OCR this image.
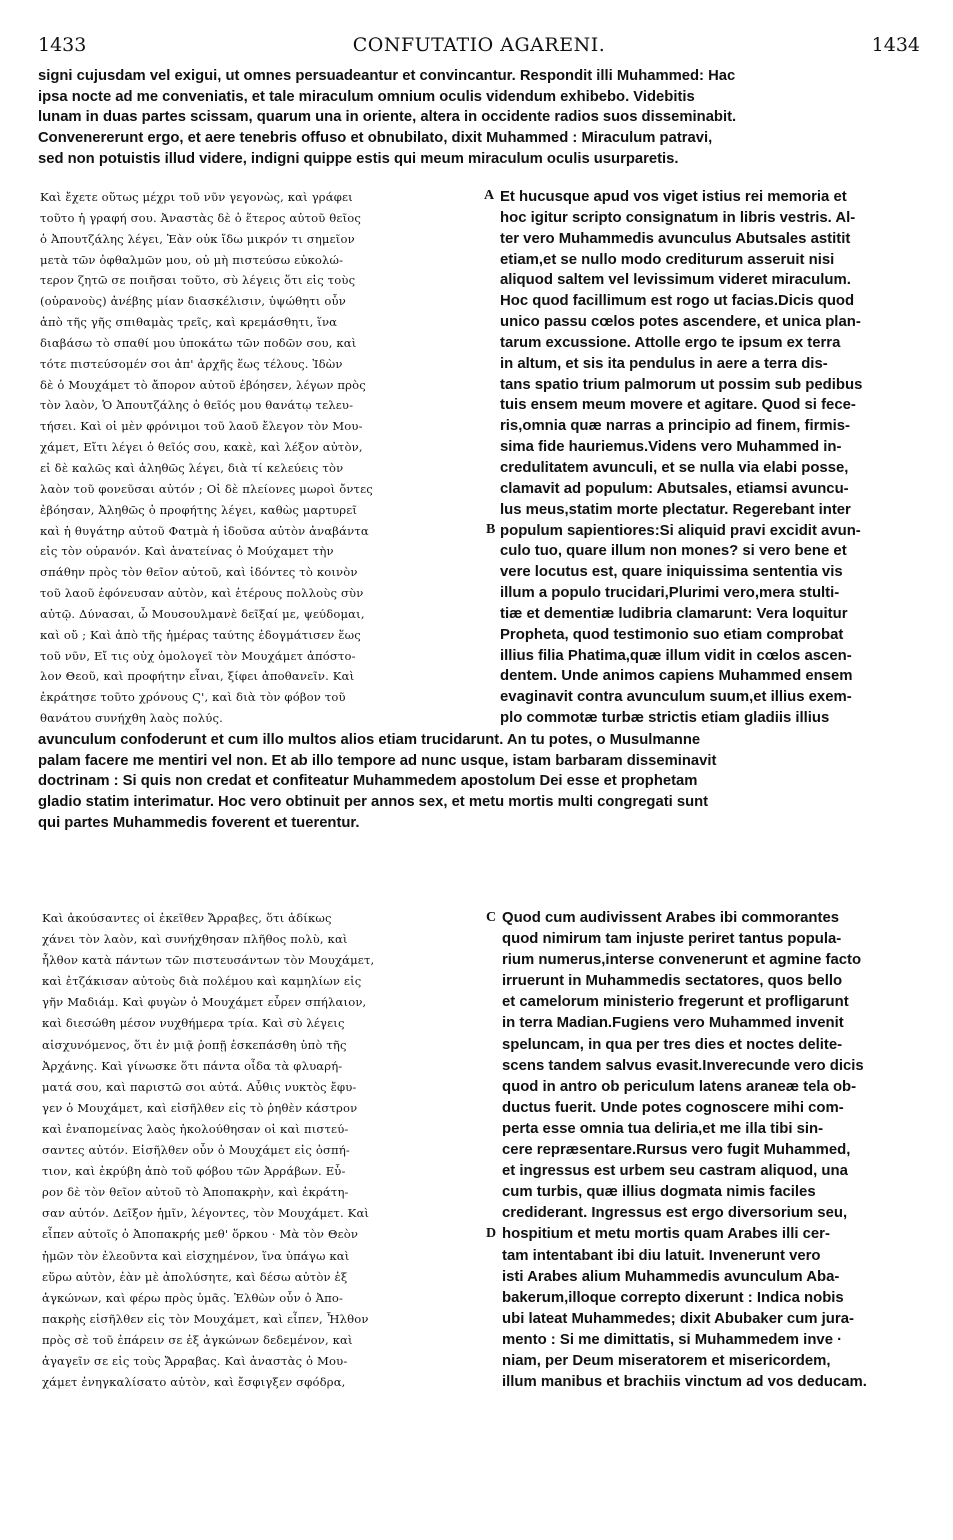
1433	CONFUTATIO AGARENI.	1434
signi cujusdam vel exigui, ut omnes persuadeantur et convincantur. Respondit illi Muhammed: Hac
ipsa nocte ad me conveniatis, et tale miraculum omnium oculis videndum exhibebo. Videbitis
lunam in duas partes scissam, quarum una in oriente, altera in occidente radios suos disseminabit.
Convenererunt ergo, et aere tenebris offuso et obnubilato, dixit Muhammed : Miraculum patravi,
sed non potuistis illud videre, indigni quippe estis qui meum miraculum oculis usurparetis.
Καὶ ἔχετε οὕτως μέχρι τοῦ νῦν γεγονὼς, καὶ γράφει
τοῦτο ἡ γραφή σου. Ἀναστὰς δὲ ὁ ἕτερος αὐτοῦ θεῖος
ὁ Ἀπουτζάλης λέγει, Ἐὰν οὐκ ἴδω μικρόν τι σημεῖον
μετὰ τῶν ὀφθαλμῶν μου, οὐ μὴ πιστεύσω εὐκολώ-
τερον ζητῶ σε ποιῆσαι τοῦτο, σὺ λέγεις ὅτι εἰς τοὺς
(οὐρανοὺς) ἀνέβης μίαν διασκέλισιν, ὑψώθητι οὖν
ἀπὸ τῆς γῆς σπιθαμὰς τρεῖς, καὶ κρεμάσθητι, ἵνα
διαβάσω τὸ σπαθί μου ὑποκάτω τῶν ποδῶν σου, καὶ
τότε πιστεύσομέν σοι ἀπ' ἀρχῆς ἕως τέλους. Ἰδὼν
δὲ ὁ Μουχάμετ τὸ ἄπορον αὐτοῦ ἐβόησεν, λέγων πρὸς
τὸν λαὸν, Ὁ Ἀπουτζάλης ὁ θεῖός μου θανάτῳ τελευ-
τήσει. Καὶ οἱ μὲν φρόνιμοι τοῦ λαοῦ ἔλεγον τὸν Μου-
χάμετ, Εἴτι λέγει ὁ θεῖός σου, κακὲ, καὶ λέξον αὐτὸν,
εἰ δὲ καλῶς καὶ ἀληθῶς λέγει, διὰ τί κελεύεις τὸν
λαὸν τοῦ φονεῦσαι αὐτόν ; Οἱ δὲ πλείονες μωροὶ ὄντες
ἐβόησαν, Ἀληθῶς ὁ προφήτης λέγει, καθὼς μαρτυρεῖ
καὶ ἡ θυγάτηρ αὐτοῦ Φατμὰ ἡ ἰδοῦσα αὐτὸν ἀναβάντα
εἰς τὸν οὐρανόν. Καὶ ἀνατείνας ὁ Μούχαμετ τὴν
σπάθην πρὸς τὸν θεῖον αὐτοῦ, καὶ ἰδόντες τὸ κοινὸν
τοῦ λαοῦ ἐφόνευσαν αὐτὸν, καὶ ἑτέρους πολλοὺς σὺν
αὐτῷ. Δύνασαι, ὦ Μουσουλμανὲ δεῖξαί με, ψεύδομαι,
καὶ οὔ ; Καὶ ἀπὸ τῆς ἡμέρας ταύτης ἐδογμάτισεν ἕως
τοῦ νῦν, Εἴ τις οὐχ ὁμολογεῖ τὸν Μουχάμετ ἀπόστο-
λον Θεοῦ, καὶ προφήτην εἶναι, ξίφει ἀποθανεῖν. Καὶ
ἐκράτησε τοῦτο χρόνους Ϛ', καὶ διὰ τὸν φόβον τοῦ
θανάτου συνήχθη λαὸς πολύς.
Et hucusque apud vos viget istius rei memoria et
hoc igitur scripto consignatum in libris vestris. Al-
ter vero Muhammedis avunculus Abutsales astitit
etiam,et se nullo modo crediturum asseruit nisi
aliquod saltem vel levissimum videret miraculum.
Hoc quod facillimum est rogo ut facias.Dicis quod
unico passu cœlos potes ascendere, et unica plan-
tarum excussione. Attolle ergo te ipsum ex terra
in altum, et sis ita pendulus in aere a terra dis-
tans spatio trium palmorum ut possim sub pedibus
tuis ensem meum movere et agitare. Quod si fece-
ris,omnia quæ narras a principio ad finem, firmis-
sima fide hauriemus.Videns vero Muhammed in-
credulitatem avunculi, et se nulla via elabi posse,
clamavit ad populum: Abutsales, etiamsi avuncu-
lus meus,statim morte plectatur. Regerebant inter
populum sapientiores:Si aliquid pravi excidit avun-
culo tuo, quare illum non mones? si vero bene et
vere locutus est, quare iniquissima sententia vis
illum a populo trucidari,Plurimi vero,mera stulti-
tiæ et dementiæ ludibria clamarunt: Vera loquitur
Propheta, quod testimonio suo etiam comprobat
illius filia Phatima,quæ illum vidit in cœlos ascen-
dentem. Unde animos capiens Muhammed ensem
evaginavit contra avunculum suum,et illius exem-
plo commotæ turbæ strictis etiam gladiis illius
A
B
avunculum confoderunt et cum illo multos alios etiam trucidarunt. An tu potes, o Musulmanne
palam facere me mentiri vel non. Et ab illo tempore ad nunc usque, istam barbaram disseminavit
doctrinam : Si quis non credat et confiteatur Muhammedem apostolum Dei esse et prophetam
gladio statim interimatur. Hoc vero obtinuit per annos sex, et metu mortis multi congregati sunt
qui partes Muhammedis foverent et tuerentur.
Καὶ ἀκούσαντες οἱ ἐκεῖθεν Ἄρραβες, ὅτι ἀδίκως
χάνει τὸν λαὸν, καὶ συνήχθησαν πλῆθος πολὺ, καὶ
ἦλθον κατὰ πάντων τῶν πιστευσάντων τὸν Μουχάμετ,
καὶ ἐτζάκισαν αὐτοὺς διὰ πολέμου καὶ καμηλίων εἰς
γῆν Μαδιάμ. Καὶ φυγὼν ὁ Μουχάμετ εὗρεν σπήλαιον,
καὶ διεσώθη μέσον νυχθήμερα τρία. Καὶ σὺ λέγεις
αἰσχυνόμενος, ὅτι ἐν μιᾷ ῥοπῇ ἐσκεπάσθη ὑπὸ τῆς
Ἀρχάνης. Καὶ γίνωσκε ὅτι πάντα οἶδα τὰ φλυαρή-
ματά σου, καὶ παριστῶ σοι αὐτά. Αὖθις νυκτὸς ἔφυ-
γεν ὁ Μουχάμετ, καὶ εἰσῆλθεν εἰς τὸ ῥηθὲν κάστρον
καὶ ἐναπομείνας λαὸς ἠκολούθησαν οἱ καὶ πιστεύ-
σαντες αὐτόν. Εἰσῆλθεν οὖν ὁ Μουχάμετ εἰς ὁσπή-
τιον, καὶ ἐκρύβη ἀπὸ τοῦ φόβου τῶν Ἀρράβων. Εὗ-
ρον δὲ τὸν θεῖον αὐτοῦ τὸ Ἀποπακρὴν, καὶ ἐκράτη-
σαν αὐτόν. Δεῖξον ἡμῖν, λέγοντες, τὸν Μουχάμετ. Καὶ
εἶπεν αὐτοῖς ὁ Ἀποπακρής μεθ' ὅρκου · Μὰ τὸν Θεὸν
ἡμῶν τὸν ἐλεοῦντα καὶ εἰσχημένον, ἵνα ὑπάγω καὶ
εὕρω αὐτὸν, ἐὰν μὲ ἀπολύσητε, καὶ δέσω αὐτὸν ἐξ
ἀγκώνων, καὶ φέρω πρὸς ὑμᾶς. Ἐλθὼν οὖν ὁ Ἀπο-
πακρὴς εἰσῆλθεν εἰς τὸν Μουχάμετ, καὶ εἶπεν, Ἦλθον
πρὸς σὲ τοῦ ἐπάρειν σε ἐξ ἀγκώνων δεδεμένον, καὶ
ἀγαγεῖν σε εἰς τοὺς Ἄρραβας. Καὶ ἀναστὰς ὁ Μου-
χάμετ ἐνηγκαλίσατο αὐτὸν, καὶ ἔσφιγξεν σφόδρα,
Quod cum audivissent Arabes ibi commorantes
quod nimirum tam injuste periret tantus popula-
rium numerus,interse convenerunt et agmine facto
irruerunt in Muhammedis sectatores, quos bello
et camelorum ministerio fregerunt et profligarunt
in terra Madian.Fugiens vero Muhammed invenit
speluncam, in qua per tres dies et noctes delite-
scens tandem salvus evasit.Inverecunde vero dicis
quod in antro ob periculum latens araneæ tela ob-
ductus fuerit. Unde potes cognoscere mihi com-
perta esse omnia tua deliria,et me illa tibi sin-
cere repræsentare.Rursus vero fugit Muhammed,
et ingressus est urbem seu castram aliquod, una
cum turbis, quæ illius dogmata nimis faciles
crediderant. Ingressus est ergo diversorium seu,
hospitium et metu mortis quam Arabes illi cer-
tam intentabant ibi diu latuit. Invenerunt vero
isti Arabes alium Muhammedis avunculum Aba-
bakerum,illoque correpto dixerunt : Indica nobis
ubi lateat Muhammedes; dixit Abubaker cum jura-
mento : Si me dimittatis, si Muhammedem inve ·
niam, per Deum miseratorem et misericordem,
illum manibus et brachiis vinctum ad vos deducam.
C
D
